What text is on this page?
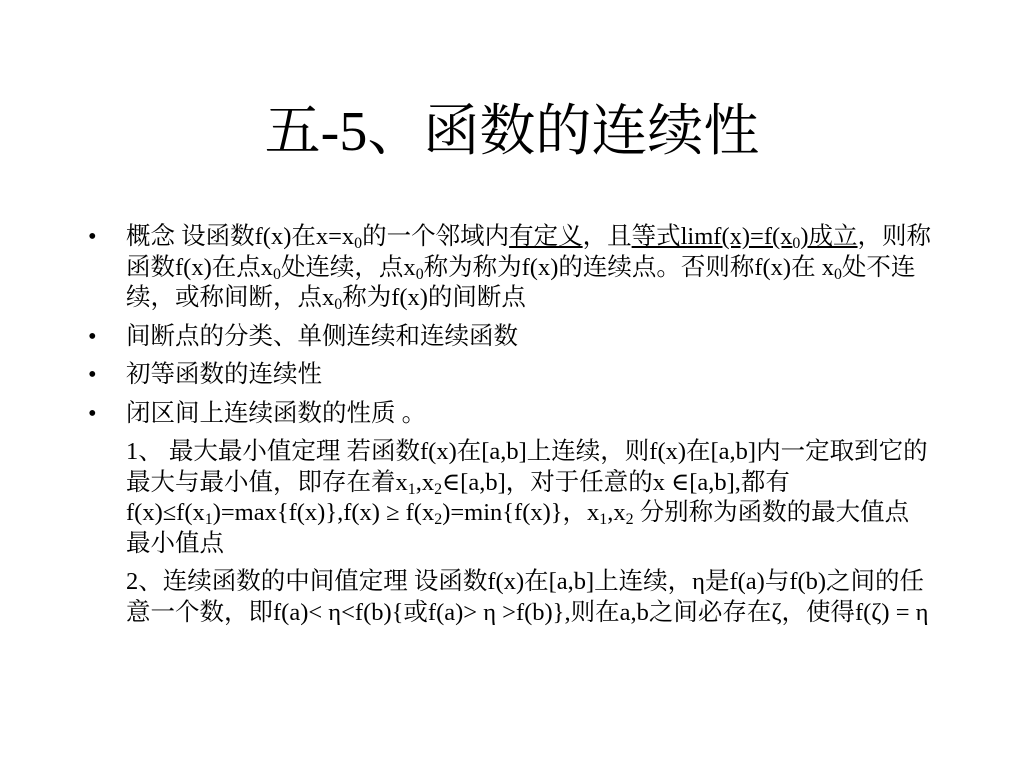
五-5、函数的连续性
•	概念 设函数f(x)在$x=x_0$的一个邻域内有定义，且等式$\lim f(x)=f(x_0)$成立，则称函数f(x)在点$x_0$处连续，点$x_0$称为称为f(x)的连续点。否则称f(x)在 $x_0$处不连续，或称间断，点$x_0$称为f(x)的间断点
•	间断点的分类、单侧连续和连续函数
•	初等函数的连续性
•	闭区间上连续函数的性质 。
1、 最大最小值定理 若函数f(x)在[a,b]上连续，则f(x)在[a,b]内一定取到它的最大与最小值，即存在着$x_1,x_2\in[a,b]$，对于任意的x ∈[a,b],都有$f(x)\le f(x_1)=\max\{f(x)\},f(x) \ge f(x_2)=\min\{f(x)\}$，$x_1,x_2$ 分别称为函数的最大值点最小值点
2、连续函数的中间值定理 设函数f(x)在[a,b]上连续，η是f(a)与f(b)之间的任意一个数，即f(a)< η<f(b){或f(a)> η >f(b)},则在a,b之间必存在ζ，使得f(ζ) = η
